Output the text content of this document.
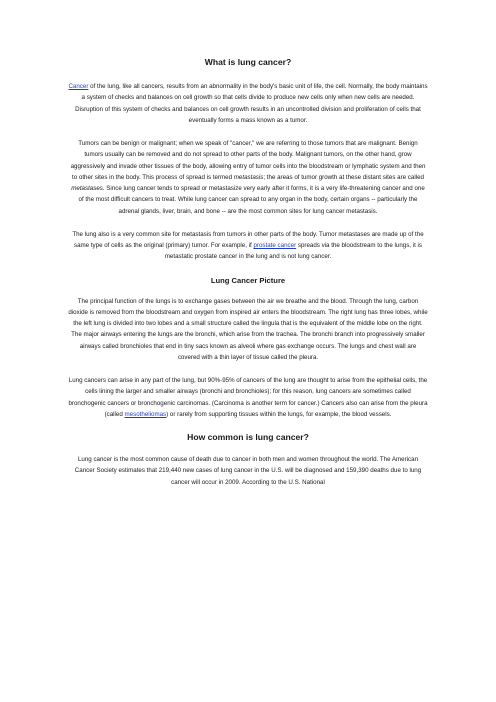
What is lung cancer?

Cancer of the lung, like all cancers, results from an abnormality in the body's basic unit of life, the cell. Normally, the body maintains a system of checks and balances on cell growth so that cells divide to produce new cells only when new cells are needed. Disruption of this system of checks and balances on cell growth results in an uncontrolled division and proliferation of cells that eventually forms a mass known as a tumor.

Tumors can be benign or malignant; when we speak of "cancer," we are referring to those tumors that are malignant. Benign tumors usually can be removed and do not spread to other parts of the body. Malignant tumors, on the other hand, grow aggressively and invade other tissues of the body, allowing entry of tumor cells into the bloodstream or lymphatic system and then to other sites in the body. This process of spread is termed metastasis; the areas of tumor growth at these distant sites are called metastases. Since lung cancer tends to spread or metastasize very early after it forms, it is a very life-threatening cancer and one of the most difficult cancers to treat. While lung cancer can spread to any organ in the body, certain organs -- particularly the adrenal glands, liver, brain, and bone -- are the most common sites for lung cancer metastasis.

The lung also is a very common site for metastasis from tumors in other parts of the body. Tumor metastases are made up of the same type of cells as the original (primary) tumor. For example, if prostate cancer spreads via the bloodstream to the lungs, it is metastatic prostate cancer in the lung and is not lung cancer.

Lung Cancer Picture

The principal function of the lungs is to exchange gases between the air we breathe and the blood. Through the lung, carbon dioxide is removed from the bloodstream and oxygen from inspired air enters the bloodstream. The right lung has three lobes, while the left lung is divided into two lobes and a small structure called the lingula that is the equivalent of the middle lobe on the right. The major airways entering the lungs are the bronchi, which arise from the trachea. The bronchi branch into progressively smaller airways called bronchioles that end in tiny sacs known as alveoli where gas exchange occurs. The lungs and chest wall are covered with a thin layer of tissue called the pleura.

Lung cancers can arise in any part of the lung, but 90%-95% of cancers of the lung are thought to arise from the epithelial cells, the cells lining the larger and smaller airways (bronchi and bronchioles); for this reason, lung cancers are sometimes called bronchogenic cancers or bronchogenic carcinomas. (Carcinoma is another term for cancer.) Cancers also can arise from the pleura (called mesotheliomas) or rarely from supporting tissues within the lungs, for example, the blood vessels.

How common is lung cancer?

Lung cancer is the most common cause of death due to cancer in both men and women throughout the world. The American Cancer Society estimates that 219,440 new cases of lung cancer in the U.S. will be diagnosed and 159,390 deaths due to lung cancer will occur in 2009. According to the U.S. National
